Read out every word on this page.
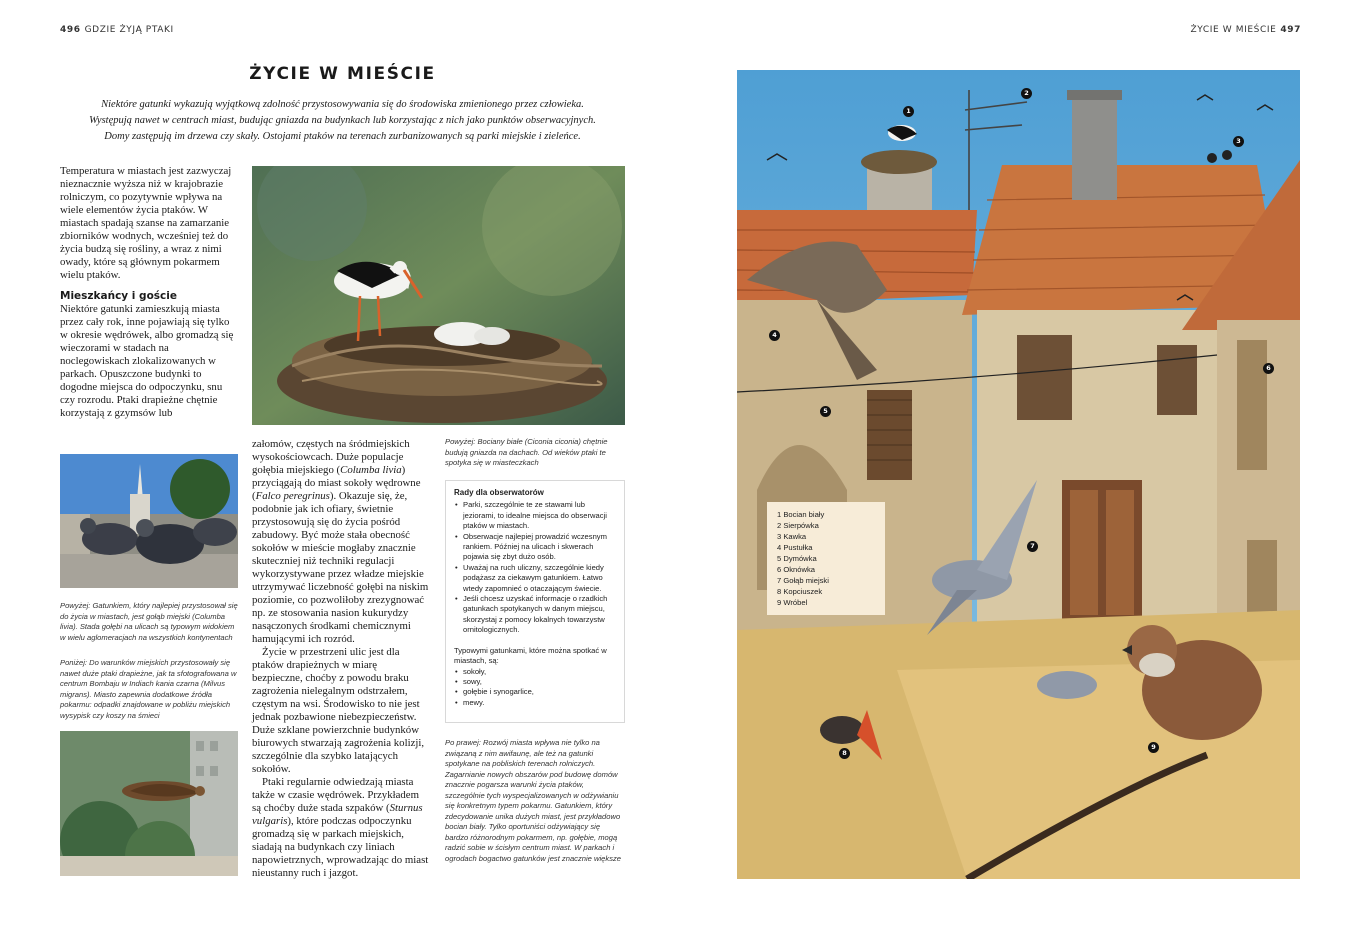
496 GDZIE ŻYJĄ PTAKI	ŻYCIE W MIEŚCIE 497
ŻYCIE W MIEŚCIE
Niektóre gatunki wykazują wyjątkową zdolność przystosowywania się do środowiska zmienionego przez człowieka.
Występują nawet w centrach miast, budując gniazda na budynkach lub korzystając z nich jako punktów obserwacyjnych.
Domy zastępują im drzewa czy skały. Ostojami ptaków na terenach zurbanizowanych są parki miejskie i zieleńce.

Temperatura w miastach jest zazwyczaj nieznacznie wyższa niż w krajobrazie rolniczym, co pozytywnie wpływa na wiele elementów życia ptaków. W miastach spadają szanse na zamarzanie zbiorników wodnych, wcześniej też do życia budzą się rośliny, a wraz z nimi owady, które są głównym pokarmem wielu ptaków.

Mieszkańcy i goście

Niektóre gatunki zamieszkują miasta przez cały rok, inne pojawiają się tylko w okresie wędrówek, albo gromadzą się wieczorami w stadach na noclegowiskach zlokalizowanych w parkach. Opuszczone budynki to dogodne miejsca do odpoczynku, snu czy rozrodu. Ptaki drapieżne chętnie korzystają z gzymsów lub

Powyżej: Bociany białe (Ciconia ciconia) chętnie budują gniazda na dachach. Od wieków ptaki te spotyka się w miasteczkach
Powyżej: Gatunkiem, który najlepiej przystosował się do życia w miastach, jest gołąb miejski (Columba livia). Stada gołębi na ulicach są typowym widokiem w wielu aglomeracjach na wszystkich kontynentach
Poniżej: Do warunków miejskich przystosowały się nawet duże ptaki drapieżne, jak ta sfotografowana w centrum Bombaju w Indiach kania czarna (Milvus migrans). Miasto zapewnia dodatkowe źródła pokarmu: odpadki znajdowane w pobliżu miejskich wysypisk czy koszy na śmieci

załomów, częstych na śródmiejskich wysokościowcach. Duże populacje gołębia miejskiego (Columba livia) przyciągają do miast sokoły wędrowne (Falco peregrinus). Okazuje się, że, podobnie jak ich ofiary, świetnie przystosowują się do życia pośród zabudowy. Być może stała obecność sokołów w mieście mogłaby znacznie skuteczniej niż techniki regulacji wykorzystywane przez władze miejskie utrzymywać liczebność gołębi na niskim poziomie, co pozwoliłoby zrezygnować np. ze stosowania nasion kukurydzy nasączonych środkami chemicznymi hamującymi ich rozród.

Życie w przestrzeni ulic jest dla ptaków drapieżnych w miarę bezpieczne, choćby z powodu braku zagrożenia nielegalnym odstrzałem, częstym na wsi. Środowisko to nie jest jednak pozbawione niebezpieczeństw. Duże szklane powierzchnie budynków biurowych stwarzają zagrożenia kolizji, szczególnie dla szybko latających sokołów.

Ptaki regularnie odwiedzają miasta także w czasie wędrówek. Przykładem są choćby duże stada szpaków (Sturnus vulgaris), które podczas odpoczynku gromadzą się w parkach miejskich, siadają na budynkach czy liniach napowietrznych, wprowadzając do miast nieustanny ruch i jazgot.

Rady dla obserwatorów
• Parki, szczególnie te ze stawami lub jeziorami, to idealne miejsca do obserwacji ptaków w miastach.
• Obserwacje najlepiej prowadzić wczesnym rankiem. Później na ulicach i skwerach pojawia się zbyt dużo osób.
• Uważaj na ruch uliczny, szczególnie kiedy podążasz za ciekawym gatunkiem. Łatwo wtedy zapomnieć o otaczającym świecie.
• Jeśli chcesz uzyskać informacje o rzadkich gatunkach spotykanych w danym miejscu, skorzystaj z pomocy lokalnych towarzystw ornitologicznych.
Typowymi gatunkami, które można spotkać w miastach, są:
• sokoły,
• sowy,
• gołębie i synogarlice,
• mewy.
Po prawej: Rozwój miasta wpływa nie tylko na związaną z nim awifaunę, ale też na gatunki spotykane na pobliskich terenach rolniczych. Zagarnianie nowych obszarów pod budowę domów znacznie pogarsza warunki życia ptaków, szczególnie tych wyspecjalizowanych w odżywianiu się konkretnym typem pokarmu. Gatunkiem, który zdecydowanie unika dużych miast, jest przykładowo bocian biały. Tylko oportuniści odżywiający się bardzo różnorodnym pokarmem, np. gołębie, mogą radzić sobie w ścisłym centrum miast. W parkach i ogrodach bogactwo gatunków jest znacznie większe
1
2
3
4
5
6
7
8
9
1 Bocian biały
2 Sierpówka
3 Kawka
4 Pustułka
5 Dymówka
6 Oknówka
7 Gołąb miejski
8 Kopciuszek
9 Wróbel
